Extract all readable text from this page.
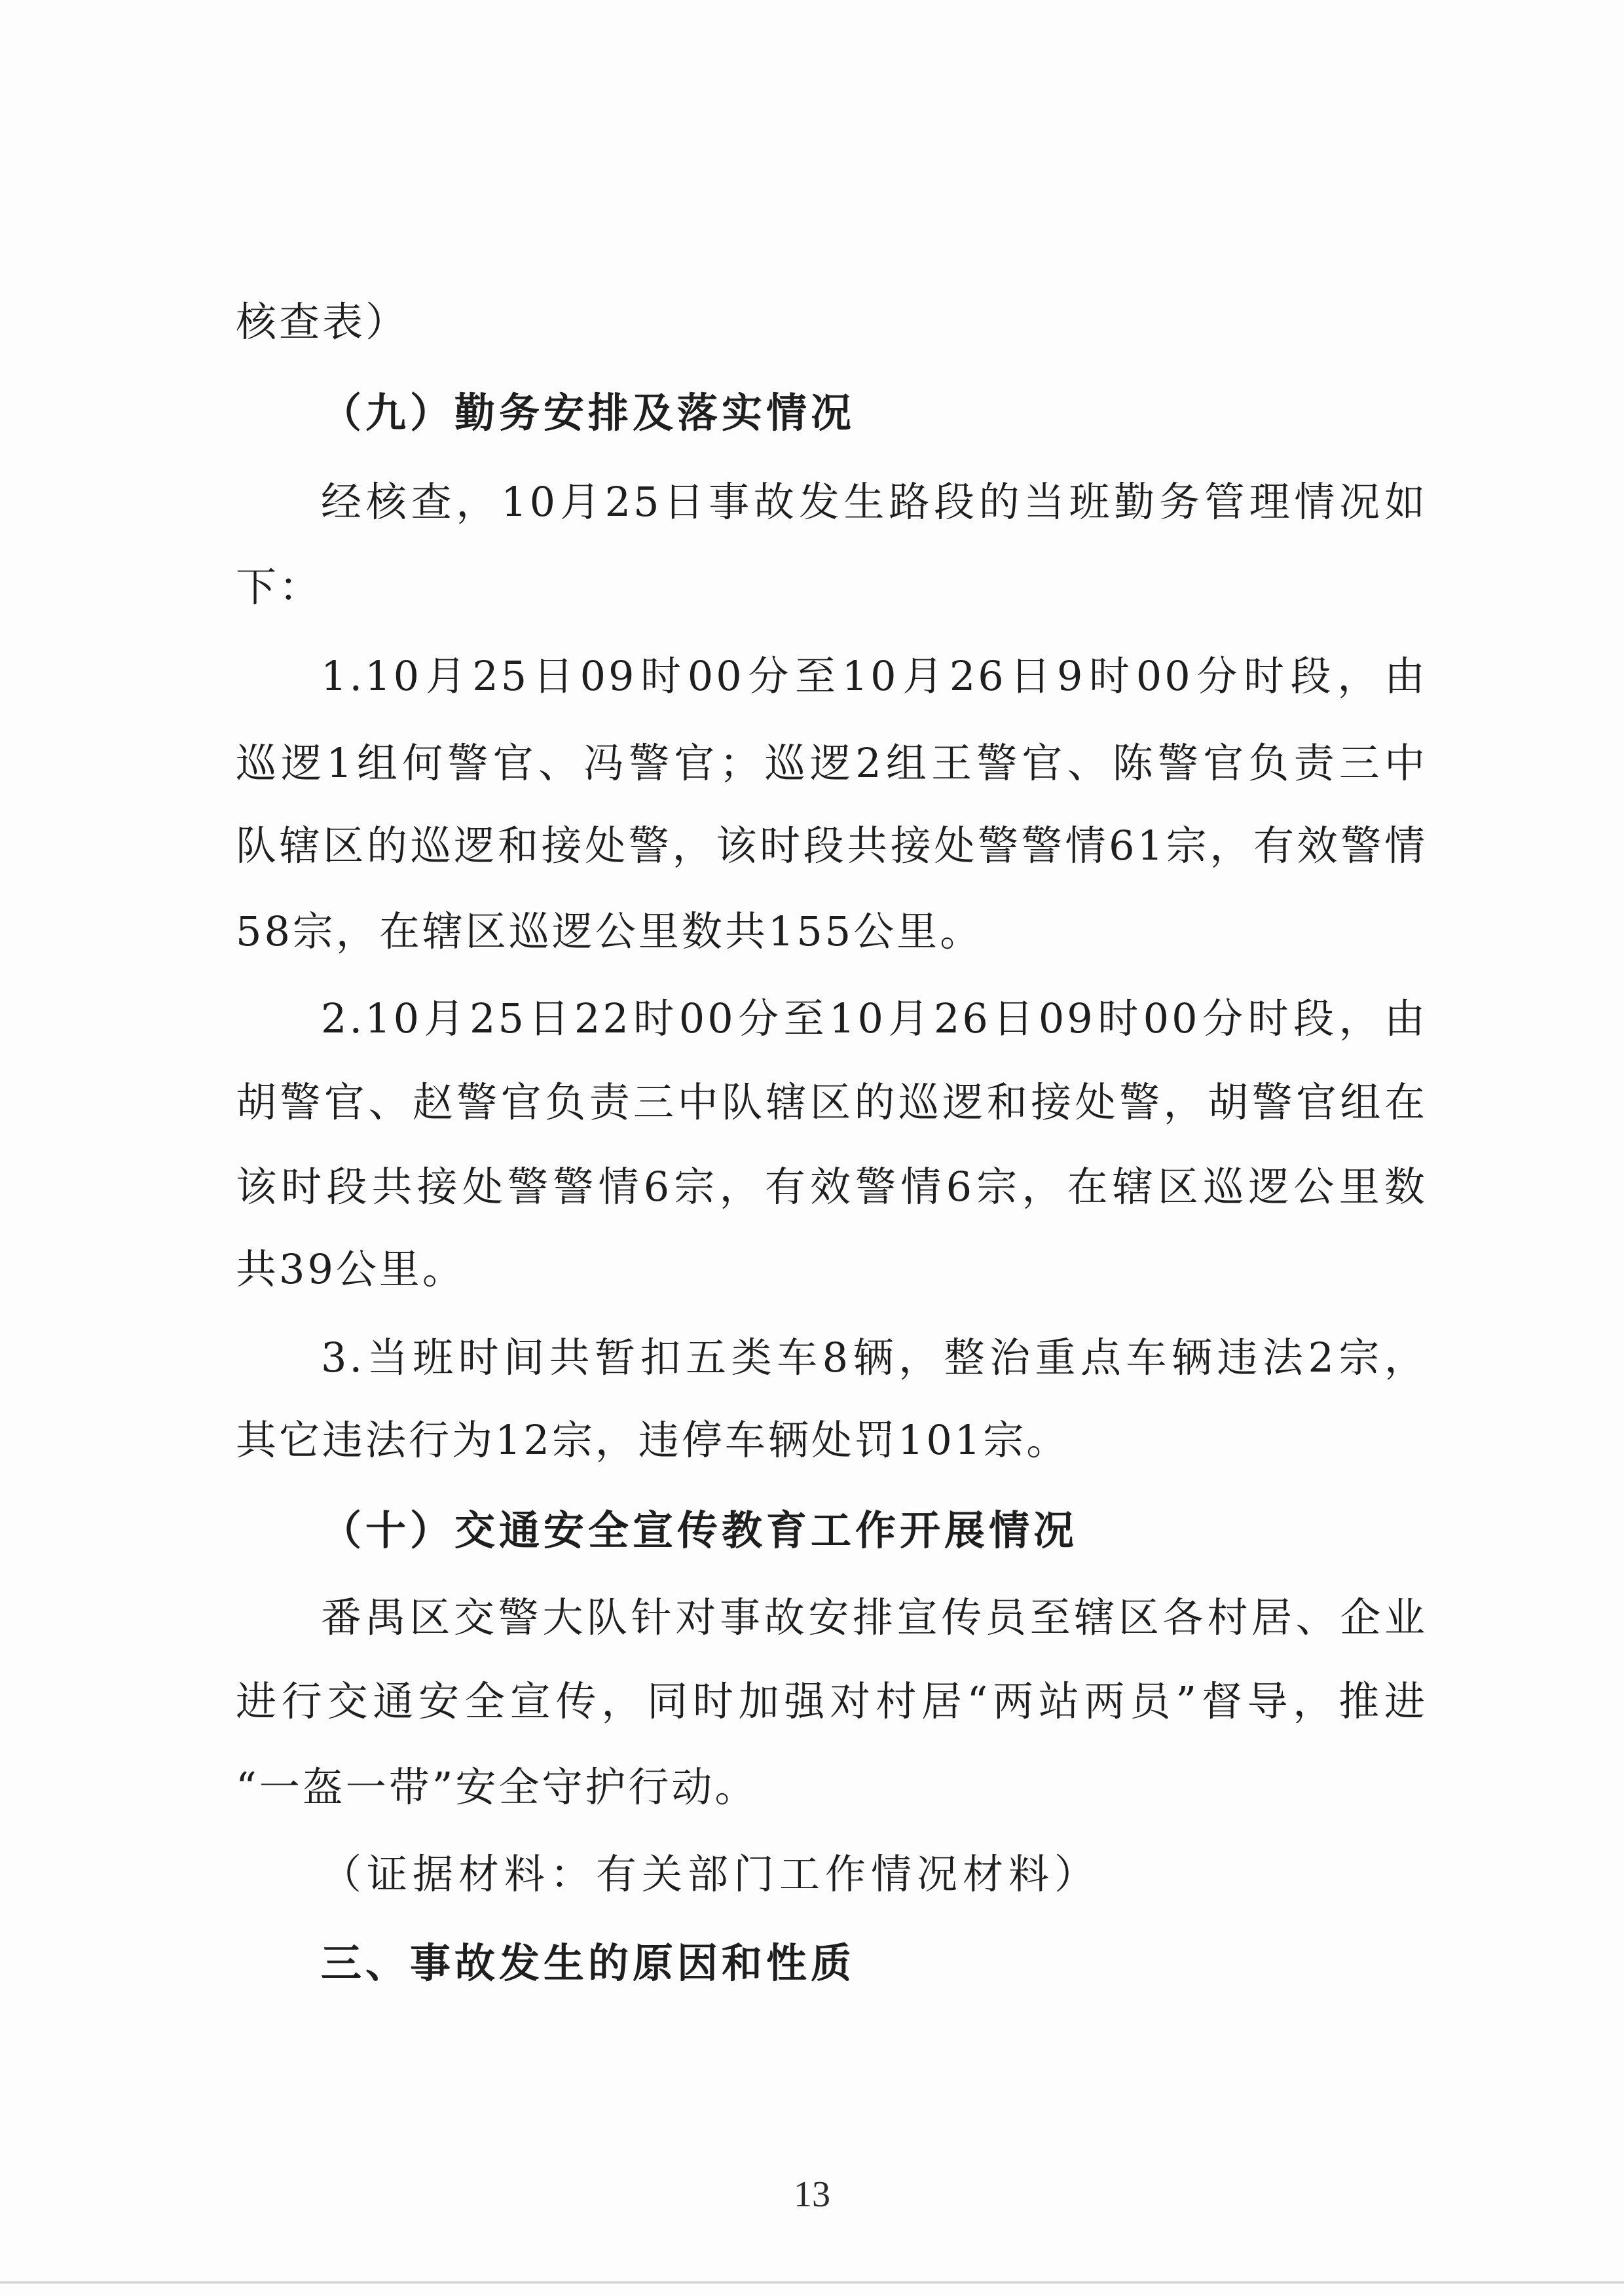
核查表）
（九）勤务安排及落实情况
经核查，10月25日事故发生路段的当班勤务管理情况如
下：
1.10月25日09时00分至10月26日9时00分时段，由
巡逻1组何警官、冯警官；巡逻2组王警官、陈警官负责三中
队辖区的巡逻和接处警，该时段共接处警警情61宗，有效警情
58宗，在辖区巡逻公里数共155公里。
2.10月25日22时00分至10月26日09时00分时段，由
胡警官、赵警官负责三中队辖区的巡逻和接处警，胡警官组在
该时段共接处警警情6宗，有效警情6宗，在辖区巡逻公里数
共39公里。
3.当班时间共暂扣五类车8辆，整治重点车辆违法2宗，
其它违法行为12宗，违停车辆处罚101宗。
（十）交通安全宣传教育工作开展情况
番禺区交警大队针对事故安排宣传员至辖区各村居、企业
进行交通安全宣传，同时加强对村居“两站两员”督导，推进
“一盔一带”安全守护行动。
（证据材料：有关部门工作情况材料）
三、事故发生的原因和性质
13
